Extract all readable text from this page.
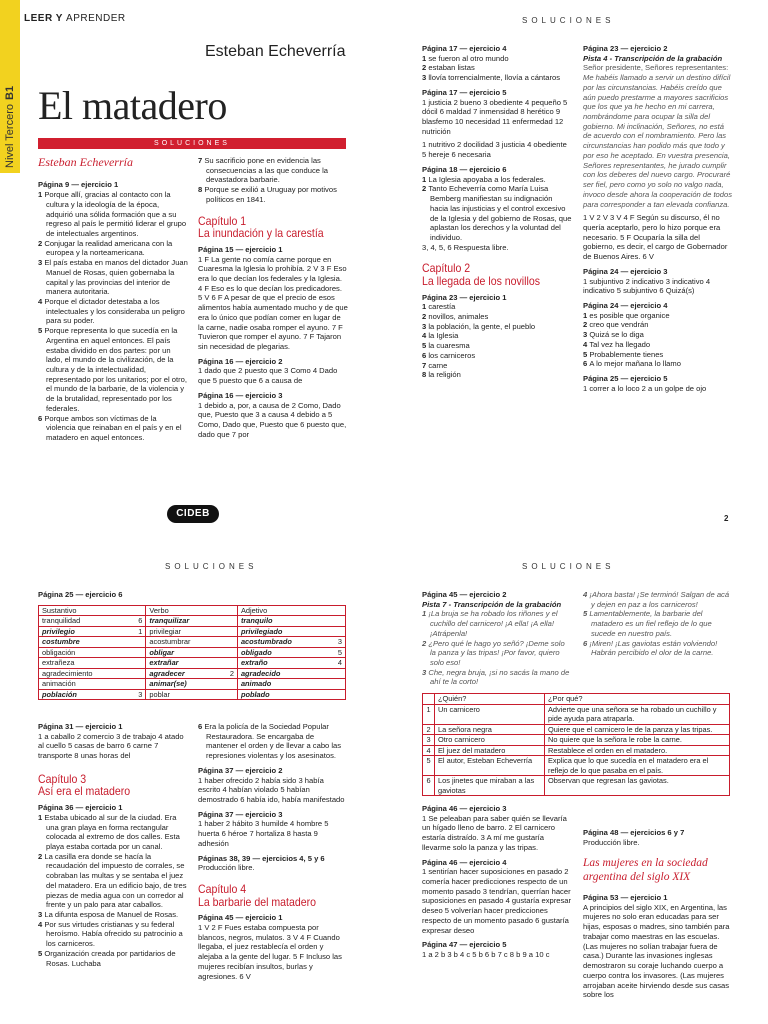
Nivel TerceroB1
LEER Y APRENDER	SOLUCIONES
Esteban Echeverría
El matadero
SOLUCIONES
Esteban Echeverría
Página 9 — ejercicio 1
1 Porque allí, gracias al contacto con la cultura y la ideología de la época, adquirió una sólida formación que a su regreso al país le permitió liderar el grupo de intelectuales argentinos.
2 Conjugar la realidad americana con la europea y la norteamericana.
3 El país estaba en manos del dictador Juan Manuel de Rosas, quien gobernaba la capital y las provincias del interior de manera autoritaria.
4 Porque el dictador detestaba a los intelectuales y los consideraba un peligro para su poder.
5 Porque representa lo que sucedía en la Argentina en aquel entonces. El país estaba dividido en dos partes: por un lado, el mundo de la civilización, de la cultura y de la intelectualidad, representado por los unitarios; por el otro, el mundo de la barbarie, de la violencia y de la brutalidad, representado por los federales.
6 Porque ambos son víctimas de la violencia que reinaban en el país y en el matadero en aquel entonces.
7 Su sacrificio pone en evidencia las consecuencias a las que conduce la devastadora barbarie.
8 Porque se exilió a Uruguay por motivos políticos en 1841.
Capítulo 1
La inundación y la carestía
Página 15 — ejercicio 1
1 F La gente no comía carne porque en Cuaresma la Iglesia lo prohibía. 2 V 3 F Eso era lo que decían los federales y la Iglesia. 4 F Eso es lo que decían los predicadores. 5 V 6 F A pesar de que el precio de esos alimentos había aumentado mucho y de que era lo único que podían comer en lugar de la carne, nadie osaba romper el ayuno. 7 F Tuvieron que romper el ayuno. 7 F Tajaron sin necesidad de plegarias.
Página 16 — ejercicio 2
1 dado que 2 puesto que 3 Como 4 Dado que 5 puesto que 6 a causa de
Página 16 — ejercicio 3
1 debido a, por, a causa de 2 Como, Dado que, Puesto que 3 a causa 4 debido a 5 Como, Dado que, Puesto que 6 puesto que, dado que 7 por
Página 17 — ejercicio 4
1 se fueron al otro mundo
2 estaban listas
3 llovía torrencialmente, llovía a cántaros
Página 17 — ejercicio 5
1 justicia 2 bueno 3 obediente 4 pequeño 5 dócil 6 maldad 7 inmensidad 8 herético 9 blasfemo 10 necesidad 11 enfermedad 12 nutrición
1 nutritivo 2 docilidad 3 justicia 4 obediente 5 hereje 6 necesaria
Página 18 — ejercicio 6
1 La Iglesia apoyaba a los federales.
2 Tanto Echeverría como María Luisa Bemberg manifiestan su indignación hacia las injusticias y el control excesivo de la Iglesia y del gobierno de Rosas, que aplastan los derechos y la voluntad del individuo.
3, 4, 5, 6 Respuesta libre.
Capítulo 2
La llegada de los novillos
Página 23 — ejercicio 1
1 carestía
2 novillos, animales
3 la población, la gente, el pueblo
4 la Iglesia
5 la cuaresma
6 los carniceros
7 carne
8 la religión
Página 23 — ejercicio 2
Pista 4 - Transcripción de la grabación
Señor presidente, Señores representantes:
Me habéis llamado a servir un destino difícil por las circunstancias. Habéis creído que aún puedo prestarme a mayores sacrificios que los que ya he hecho en mi carrera, nombrándome para ocupar la silla del gobierno. Mi inclinación, Señores, no está de acuerdo con el nombramiento. Pero las circunstancias han podido más que todo y por eso he aceptado. En vuestra presencia, Señores representantes, he jurado cumplir con los deberes del nuevo cargo. Procuraré ser fiel, pero como yo solo no valgo nada, invoco desde ahora la cooperación de todos para corresponder a tan elevada confianza.
1 V 2 V 3 V 4 F Según su discurso, él no quería aceptarlo, pero lo hizo porque era necesario. 5 F Ocuparía la silla del gobierno, es decir, el cargo de Gobernador de Buenos Aires. 6 V
Página 24 — ejercicio 3
1 subjuntivo 2 indicativo 3 indicativo 4 indicativo 5 subjuntivo 6 Quizá(s)
Página 24 — ejercicio 4
1 es posible que organice
2 creo que vendrán
3 Quizá se lo diga
4 Tal vez ha llegado
5 Probablemente tienes
6 A lo mejor mañana lo llamo
Página 25 — ejercicio 5
1 correr a lo loco 2 a un golpe de ojo
CIDEB	2
SOLUCIONES	SOLUCIONES
Página 25 — ejercicio 6
Sustantivo		Verbo		Adjetivo	
tranquilidad	6	tranquilizar		tranquilo	
privilegio	1	privilegiar		privilegiado	
costumbre		acostumbrar		acostumbrado	3
obligación		obligar		obligado	5
extrañeza		extrañar		extraño	4
agradecimiento		agradecer	2	agradecido	
animación		animar(se)		animado	
población	3	poblar		poblado	
Página 31 — ejercicio 1
1 a caballo 2 comercio 3 de trabajo 4 atado al cuello 5 casas de barro 6 carne 7 transporte 8 unas horas del
Capítulo 3
Así era el matadero
Página 36 — ejercicio 1
1 Estaba ubicado al sur de la ciudad. Era una gran playa en forma rectangular colocada al extremo de dos calles. Esta playa estaba cortada por un canal.
2 La casilla era donde se hacía la recaudación del impuesto de corrales, se cobraban las multas y se sentaba el juez del matadero. Era un edificio bajo, de tres piezas de media agua con un corredor al frente y un palo para atar caballos.
3 La difunta esposa de Manuel de Rosas.
4 Por sus virtudes cristianas y su federal heroísmo. Había ofrecido su patrocinio a los carniceros.
5 Organización creada por partidarios de Rosas. Luchaba
6 Era la policía de la Sociedad Popular Restauradora. Se encargaba de mantener el orden y de llevar a cabo las represiones violentas y los asesinatos.
Página 37 — ejercicio 2
1 haber ofrecido 2 había sido 3 había escrito 4 habían violado 5 habían demostrado 6 había ido, había manifestado
Página 37 — ejercicio 3
1 haber 2 hábito 3 humilde 4 hombre 5 huerta 6 héroe 7 hortaliza 8 hasta 9 adhesión
Páginas 38, 39 — ejercicios 4, 5 y 6
Producción libre.
Capítulo 4
La barbarie del matadero
Página 45 — ejercicio 1
1 V 2 F Fues estaba compuesta por blancos, negros, mulatos. 3 V 4 F Cuando llegaba, el juez restablecía el orden y alejaba a la gente del lugar. 5 F Incluso las mujeres recibían insultos, burlas y agresiones. 6 V
Página 45 — ejercicio 2
Pista 7 - Transcripción de la grabación
1 ¡La bruja se ha robado los riñones y el cuchillo del carnicero! ¡A ella! ¡A ella! ¡Atrápenla!
2 ¿Pero qué le hago yo señó? ¡Deme solo la panza y las tripas! ¡Por favor, quiero solo eso!
3 Che, negra bruja, ¡si no sacás la mano de ahí te la corto!
	¿Quién?	¿Por qué?
1	Un carnicero	Advierte que una señora se ha robado un cuchillo y pide ayuda para atraparla.
2	La señora negra	Quiere que el carnicero le de la panza y las tripas.
3	Otro carnicero	No quiere que la señora le robe la carne.
4	El juez del matadero	Restablece el orden en el matadero.
5	El autor, Esteban Echeverría	Explica que lo que sucedía en el matadero era el reflejo de lo que pasaba en el país.
6	Los jinetes que miraban a las gaviotas	Observan que regresan las gaviotas.
Página 46 — ejercicio 3
1 Se peleaban para saber quién se llevaría un hígado lleno de barro. 2 El carnicero estaría distraído. 3 A mí me gustaría llevarme solo la panza y las tripas.
Página 46 — ejercicio 4
1 sentirían hacer suposiciones en pasado 2 comería hacer predicciones respecto de un momento pasado 3 tendrían, querrían hacer suposiciones en pasado 4 gustaría expresar deseo 5 volverían hacer predicciones respecto de un momento pasado 6 gustaría expresar deseo
Página 47 — ejercicio 5
1 a 2 b 3 b 4 c 5 b 6 b 7 c 8 b 9 a 10 c
4 ¡Ahora basta! ¡Se terminó! Salgan de acá y dejen en paz a los carniceros!
5 Lamentablemente, la barbarie del matadero es un fiel reflejo de lo que sucede en nuestro país.
6 ¡Miren! ¡Las gaviotas están volviendo! Habrán percibido el olor de la carne.
Página 48 — ejercicios 6 y 7
Producción libre.
Las mujeres en la sociedad argentina del siglo XIX
Página 53 — ejercicio 1
A principios del siglo XIX, en Argentina, las mujeres no solo eran educadas para ser hijas, esposas o madres, sino también para trabajar como maestras en las escuelas. (Las mujeres no solían trabajar fuera de casa.) Durante las invasiones inglesas demostraron su coraje luchando cuerpo a cuerpo contra los invasores. (Las mujeres arrojaban aceite hirviendo desde sus casas sobre los
